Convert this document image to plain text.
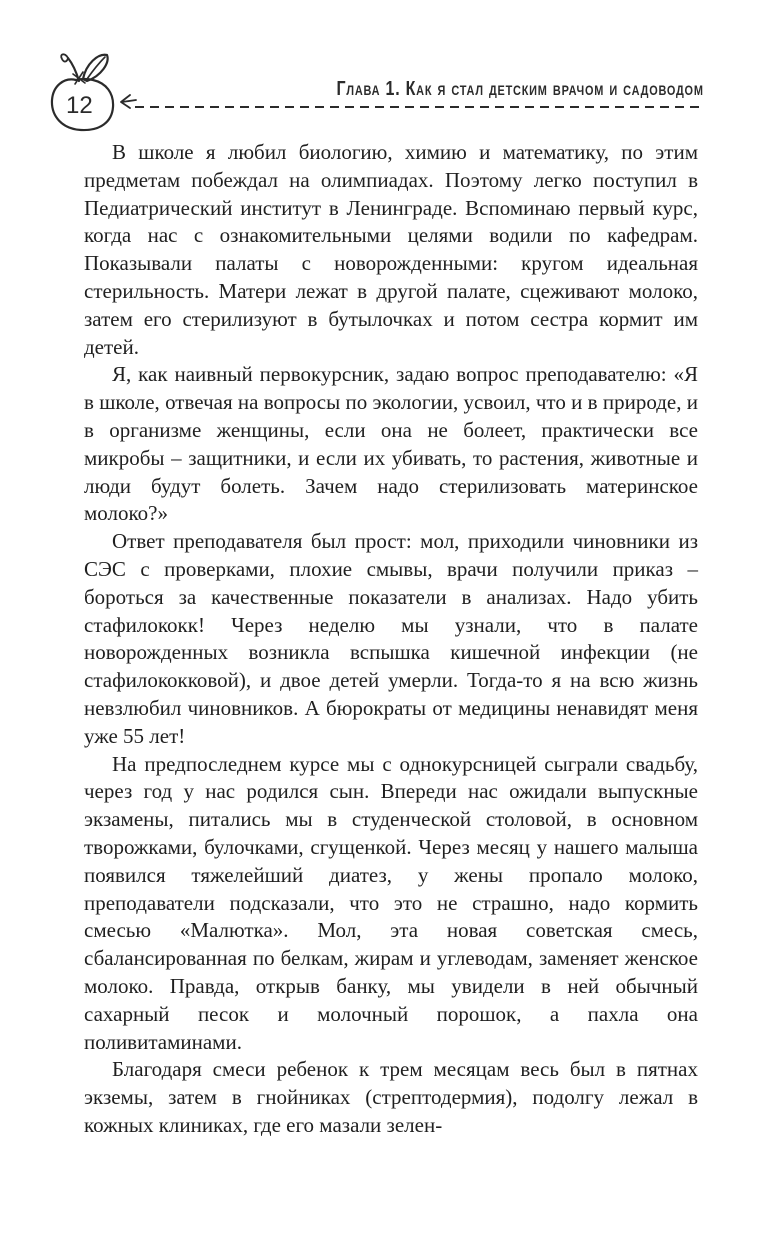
12
Глава 1. Как я стал детским врачом и садоводом

В школе я любил биологию, химию и математику, по этим предметам побеждал на олимпиадах. Поэтому легко поступил в Педиатрический институт в Ленинграде. Вспоминаю первый курс, когда нас с ознакомительными целями водили по кафедрам. Показывали палаты с новорожденными: кругом идеальная стерильность. Матери лежат в другой палате, сцеживают молоко, затем его стерилизуют в бутылочках и потом сестра кормит им детей.

Я, как наивный первокурсник, задаю вопрос преподавателю: «Я в школе, отвечая на вопросы по экологии, усвоил, что и в природе, и в организме женщины, если она не болеет, практически все микробы – защитники, и если их убивать, то растения, животные и люди будут болеть. Зачем надо стерилизовать материнское молоко?»

Ответ преподавателя был прост: мол, приходили чиновники из СЭС с проверками, плохие смывы, врачи получили приказ – бороться за качественные показатели в анализах. Надо убить стафилококк! Через неделю мы узнали, что в палате новорожденных возникла вспышка кишечной инфекции (не стафилококковой), и двое детей умерли. Тогда-то я на всю жизнь невзлюбил чиновников. А бюрократы от медицины ненавидят меня уже 55 лет!

На предпоследнем курсе мы с однокурсницей сыграли свадьбу, через год у нас родился сын. Впереди нас ожидали выпускные экзамены, питались мы в студенческой столовой, в основном творожками, булочками, сгущенкой. Через месяц у нашего малыша появился тяжелейший диатез, у жены пропало молоко, преподаватели подсказали, что это не страшно, надо кормить смесью «Малютка». Мол, эта новая советская смесь, сбалансированная по белкам, жирам и углеводам, заменяет женское молоко. Правда, открыв банку, мы увидели в ней обычный сахарный песок и молочный порошок, а пахла она поливитаминами.

Благодаря смеси ребенок к трем месяцам весь был в пятнах экземы, затем в гнойниках (стрептодермия), подолгу лежал в кожных клиниках, где его мазали зелен-
